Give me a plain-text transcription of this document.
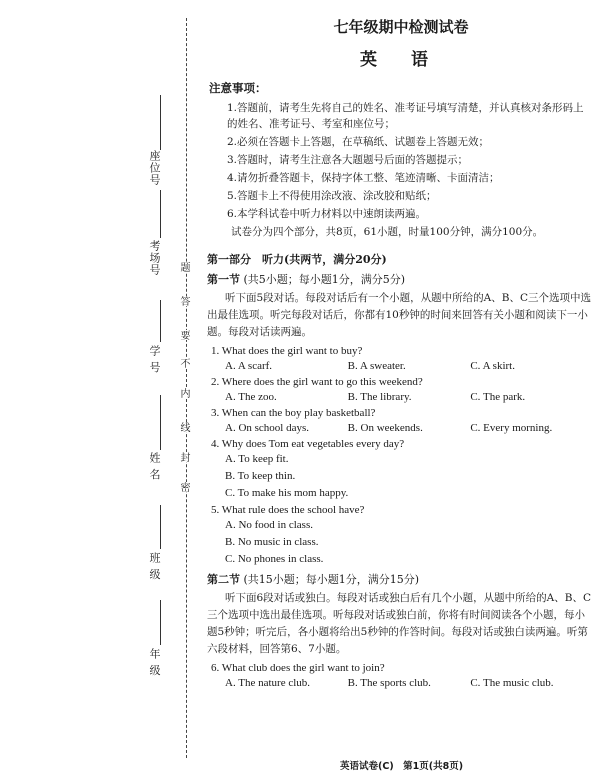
座位号
考场号
学 号
姓 名
班 级
年 级
题
答
要
不
内
线
封
密
七年级期中检测试卷
英 语
注意事项：
1.答题前，请考生先将自己的姓名、准考证号填写清楚，并认真核对条形码上的姓名、准考证号、考室和座位号；
2.必须在答题卡上答题，在草稿纸、试题卷上答题无效；
3.答题时，请考生注意各大题题号后面的答题提示；
4.请勿折叠答题卡，保持字体工整、笔迹清晰、卡面清洁；
5.答题卡上不得使用涂改液、涂改胶和贴纸；
6.本学科试卷中听力材料以中速朗读两遍。
试卷分为四个部分，共8页，61小题，时量100分钟，满分100分。
第一部分　听力(共两节，满分20分)
第一节 (共5小题；每小题1分，满分5分)
听下面5段对话。每段对话后有一个小题，从题中所给的A、B、C三个选项中选出最佳选项。听完每段对话后，你都有10秒钟的时间来回答有关小题和阅读下一小题。每段对话读两遍。
1. What does the girl want to buy?
A. A scarf.	B. A sweater.	C. A skirt.
2. Where does the girl want to go this weekend?
A. The zoo.	B. The library.	C. The park.
3. When can the boy play basketball?
A. On school days.	B. On weekends.	C. Every morning.
4. Why does Tom eat vegetables every day?
A. To keep fit.
B. To keep thin.
C. To make his mom happy.
5. What rule does the school have?
A. No food in class.
B. No music in class.
C. No phones in class.
第二节 (共15小题；每小题1分，满分15分)
听下面6段对话或独白。每段对话或独白后有几个小题，从题中所给的A、B、C三个选项中选出最佳选项。听每段对话或独白前，你将有时间阅读各个小题，每小题5秒钟；听完后，各小题将给出5秒钟的作答时间。每段对话或独白读两遍。听第六段材料，回答第6、7小题。
6. What club does the girl want to join?
A. The nature club.	B. The sports club.	C. The music club.
英语试卷(C)　第1页(共8页)
